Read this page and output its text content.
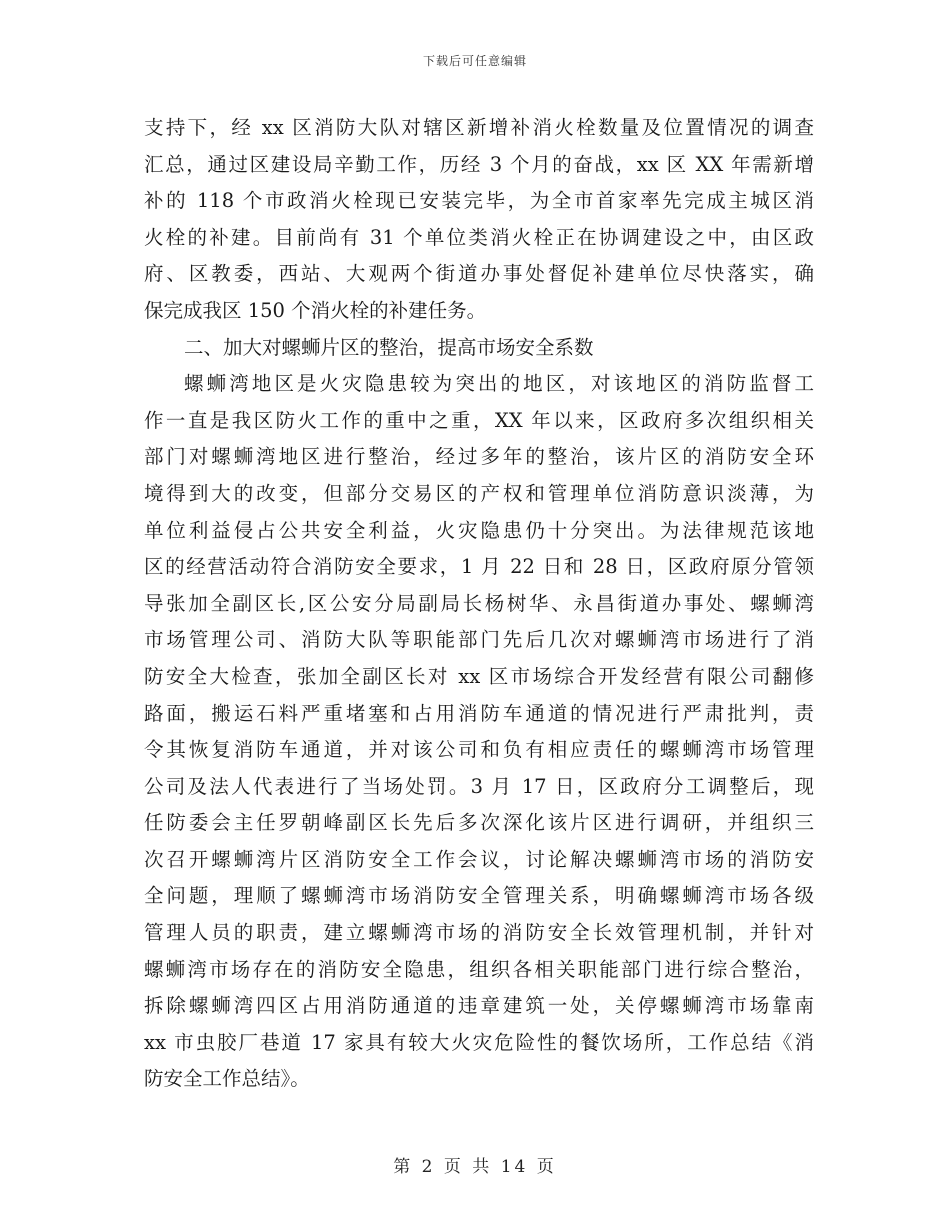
下载后可任意编辑
支持下，经 xx 区消防大队对辖区新增补消火栓数量及位置情况的调查
汇总，通过区建设局辛勤工作，历经 3 个月的奋战，xx 区 XX 年需新增
补的 118 个市政消火栓现已安装完毕，为全市首家率先完成主城区消
火栓的补建。目前尚有 31 个单位类消火栓正在协调建设之中，由区政
府、区教委，西站、大观两个街道办事处督促补建单位尽快落实，确
保完成我区 150 个消火栓的补建任务。
二、加大对螺蛳片区的整治，提高市场安全系数
螺蛳湾地区是火灾隐患较为突出的地区，对该地区的消防监督工
作一直是我区防火工作的重中之重，XX 年以来，区政府多次组织相关
部门对螺蛳湾地区进行整治，经过多年的整治，该片区的消防安全环
境得到大的改变，但部分交易区的产权和管理单位消防意识淡薄，为
单位利益侵占公共安全利益，火灾隐患仍十分突出。为法律规范该地
区的经营活动符合消防安全要求，1 月 22 日和 28 日，区政府原分管领
导张加全副区长,区公安分局副局长杨树华、永昌街道办事处、螺蛳湾
市场管理公司、消防大队等职能部门先后几次对螺蛳湾市场进行了消
防安全大检查，张加全副区长对 xx 区市场综合开发经营有限公司翻修
路面，搬运石料严重堵塞和占用消防车通道的情况进行严肃批判，责
令其恢复消防车通道，并对该公司和负有相应责任的螺蛳湾市场管理
公司及法人代表进行了当场处罚。3 月 17 日，区政府分工调整后，现
任防委会主任罗朝峰副区长先后多次深化该片区进行调研，并组织三
次召开螺蛳湾片区消防安全工作会议，讨论解决螺蛳湾市场的消防安
全问题，理顺了螺蛳湾市场消防安全管理关系，明确螺蛳湾市场各级
管理人员的职责，建立螺蛳湾市场的消防安全长效管理机制，并针对
螺蛳湾市场存在的消防安全隐患，组织各相关职能部门进行综合整治，
拆除螺蛳湾四区占用消防通道的违章建筑一处，关停螺蛳湾市场靠南
xx 市虫胶厂巷道 17 家具有较大火灾危险性的餐饮场所，工作总结《消
防安全工作总结》。
第 2 页 共 14 页
